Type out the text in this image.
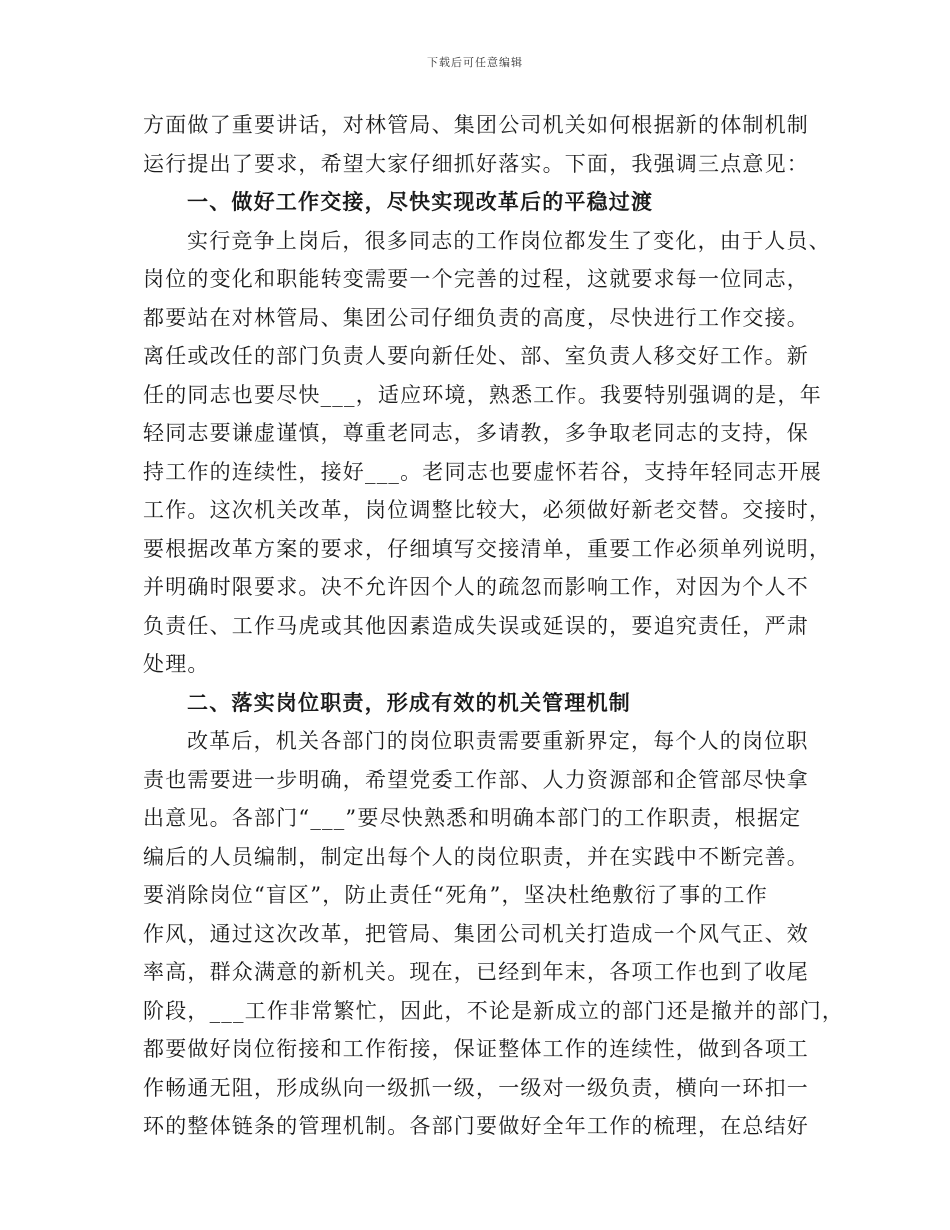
下载后可任意编辑
方面做了重要讲话，对林管局、集团公司机关如何根据新的体制机制
运行提出了要求，希望大家仔细抓好落实。下面，我强调三点意见：
一、做好工作交接，尽快实现改革后的平稳过渡
实行竞争上岗后，很多同志的工作岗位都发生了变化，由于人员、
岗位的变化和职能转变需要一个完善的过程，这就要求每一位同志，
都要站在对林管局、集团公司仔细负责的高度，尽快进行工作交接。
离任或改任的部门负责人要向新任处、部、室负责人移交好工作。新
任的同志也要尽快___，适应环境，熟悉工作。我要特别强调的是，年
轻同志要谦虚谨慎，尊重老同志，多请教，多争取老同志的支持，保
持工作的连续性，接好___。老同志也要虚怀若谷，支持年轻同志开展
工作。这次机关改革，岗位调整比较大，必须做好新老交替。交接时，
要根据改革方案的要求，仔细填写交接清单，重要工作必须单列说明，
并明确时限要求。决不允许因个人的疏忽而影响工作，对因为个人不
负责任、工作马虎或其他因素造成失误或延误的，要追究责任，严肃
处理。
二、落实岗位职责，形成有效的机关管理机制
改革后，机关各部门的岗位职责需要重新界定，每个人的岗位职
责也需要进一步明确，希望党委工作部、人力资源部和企管部尽快拿
出意见。各部门“___”要尽快熟悉和明确本部门的工作职责，根据定
编后的人员编制，制定出每个人的岗位职责，并在实践中不断完善。
要消除岗位“盲区”，防止责任“死角”，坚决杜绝敷衍了事的工作
作风，通过这次改革，把管局、集团公司机关打造成一个风气正、效
率高，群众满意的新机关。现在，已经到年末，各项工作也到了收尾
阶段，___工作非常繁忙，因此，不论是新成立的部门还是撤并的部门，
都要做好岗位衔接和工作衔接，保证整体工作的连续性，做到各项工
作畅通无阻，形成纵向一级抓一级，一级对一级负责，横向一环扣一
环的整体链条的管理机制。各部门要做好全年工作的梳理，在总结好
